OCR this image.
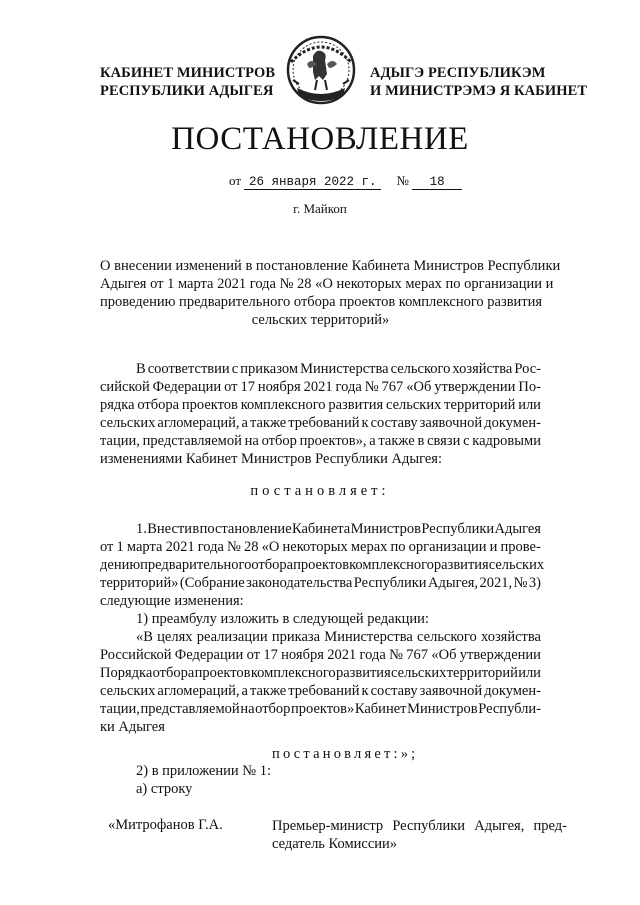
КАБИНЕТ МИНИСТРОВ
РЕСПУБЛИКИ АДЫГЕЯ
АДЫГЭ РЕСПУБЛИКЭМ
И МИНИСТРЭМЭ Я КАБИНЕТ
ПОСТАНОВЛЕНИЕ
от 26 января 2022 г. № 18
г. Майкоп
О внесении изменений в постановление Кабинета Министров Республики
Адыгея от 1 марта 2021 года № 28 «О некоторых мерах по организации и
проведению предварительного отбора проектов комплексного развития
сельских территорий»
В соответствии с приказом Министерства сельского хозяйства Рос-
сийской Федерации от 17 ноября 2021 года № 767 «Об утверждении По-
рядка отбора проектов комплексного развития сельских территорий или
сельских агломераций, а также требований к составу заявочной докумен-
тации, представляемой на отбор проектов», а также в связи с кадровыми
изменениями Кабинет Министров Республики Адыгея:
постановляет:
1. Внести в постановление Кабинета Министров Республики Адыгея
от 1 марта 2021 года № 28 «О некоторых мерах по организации и прове-
дению предварительного отбора проектов комплексного развития сельских
территорий» (Собрание законодательства Республики Адыгея, 2021, № 3)
следующие изменения:
1) преамбулу изложить в следующей редакции:
«В целях реализации приказа Министерства сельского хозяйства
Российской Федерации от 17 ноября 2021 года № 767 «Об утверждении
Порядка отбора проектов комплексного развития сельских территорий или
сельских агломераций, а также требований к составу заявочной докумен-
тации, представляемой на отбор проектов» Кабинет Министров Республи-
ки Адыгея
постановляет:»;
2) в приложении № 1:
а) строку
«Митрофанов Г.А.	Премьер-министр Республики Адыгея, пред-
седатель Комиссии»
